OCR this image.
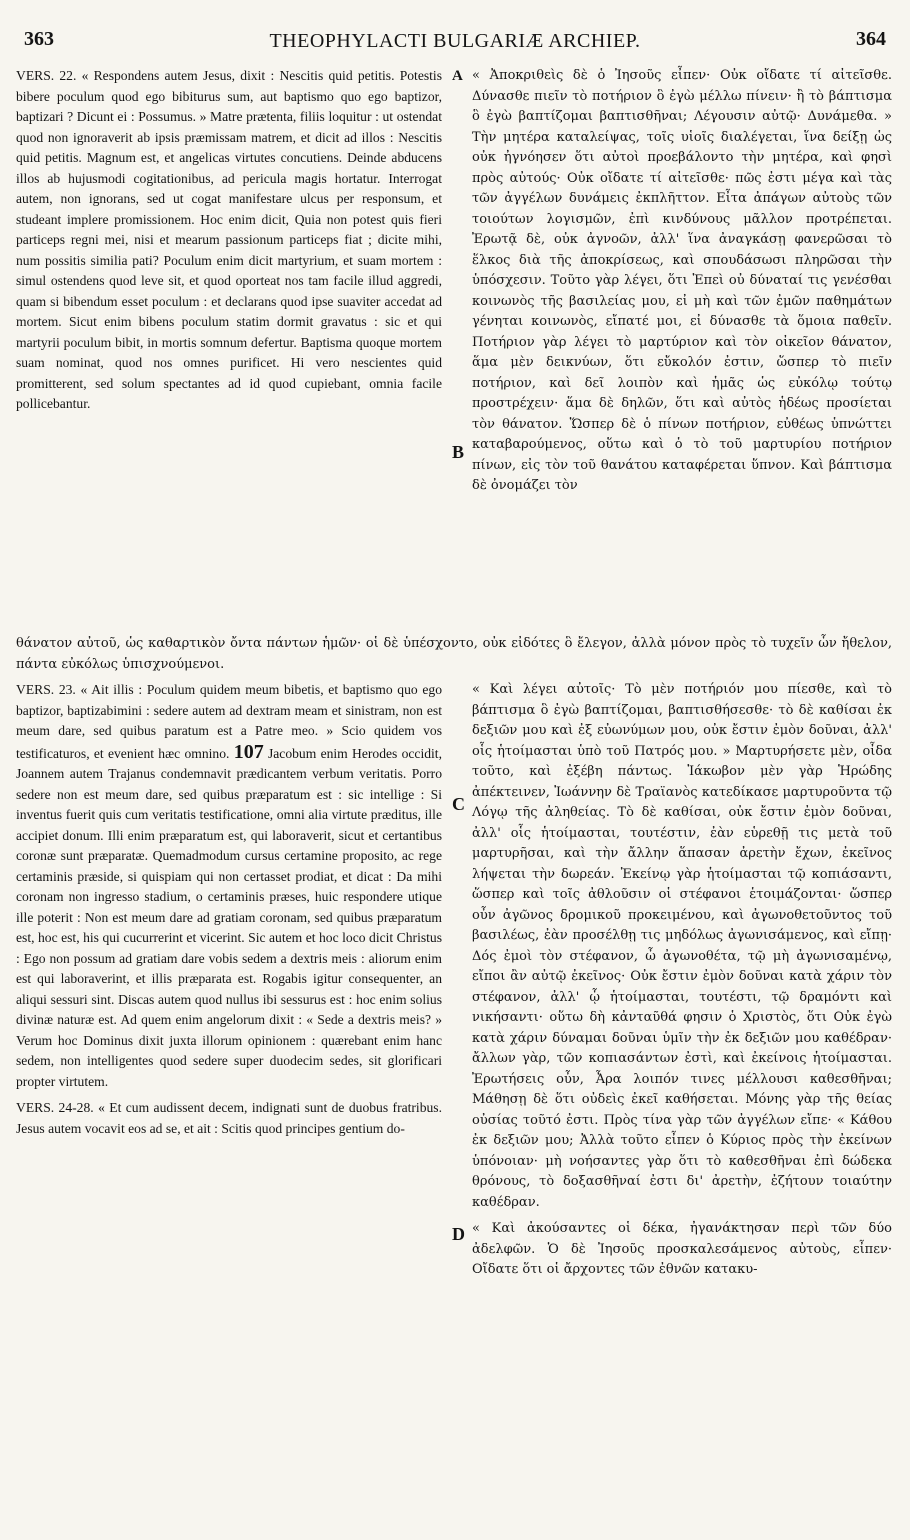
363	THEOPHYLACTI BULGARIÆ ARCHIEP.	364
A
B
C
D

VERS. 22. « Respondens autem Jesus, dixit : Nescitis quid petitis. Potestis bibere poculum quod ego bibiturus sum, aut baptismo quo ego baptizor, baptizari ? Dicunt ei : Possumus. » Matre prætenta, filiis loquitur : ut ostendat quod non ignoraverit ab ipsis præmissam matrem, et dicit ad illos : Nescitis quid petitis. Magnum est, et angelicas virtutes concutiens. Deinde abducens illos ab hujusmodi cogitationibus, ad pericula magis hortatur. Interrogat autem, non ignorans, sed ut cogat manifestare ulcus per responsum, et studeant implere promissionem. Hoc enim dicit, Quia non potest quis fieri particeps regni mei, nisi et mearum passionum particeps fiat ; dicite mihi, num possitis similia pati? Poculum enim dicit martyrium, et suam mortem : simul ostendens quod leve sit, et quod oporteat nos tam facile illud aggredi, quam si bibendum esset poculum : et declarans quod ipse suaviter accedat ad mortem. Sicut enim bibens poculum statim dormit gravatus : sic et qui martyrii poculum bibit, in mortis somnum defertur. Baptisma quoque mortem suam nominat, quod nos omnes purificet. Hi vero nescientes quid promitterent, sed solum spectantes ad id quod cupiebant, omnia facile pollicebantur.

« Ἀποκριθεὶς δὲ ὁ Ἰησοῦς εἶπεν· Οὐκ οἴδατε τί αἰτεῖσθε. Δύνασθε πιεῖν τὸ ποτήριον ὃ ἐγὼ μέλλω πίνειν· ἢ τὸ βάπτισμα ὃ ἐγὼ βαπτίζομαι βαπτισθῆναι; Λέγουσιν αὐτῷ· Δυνάμεθα. » Τὴν μητέρα καταλείψας, τοῖς υἱοῖς διαλέγεται, ἵνα δείξῃ ὡς οὐκ ἠγνόησεν ὅτι αὐτοὶ προεβάλοντο τὴν μητέρα, καὶ φησὶ πρὸς αὐτούς· Οὐκ οἴδατε τί αἰτεῖσθε· πῶς ἐστι μέγα καὶ τὰς τῶν ἀγγέλων δυνάμεις ἐκπλῆττον. Εἶτα ἀπάγων αὐτοὺς τῶν τοιούτων λογισμῶν, ἐπὶ κινδύνους μᾶλλον προτρέπεται. Ἐρωτᾷ δὲ, οὐκ ἀγνοῶν, ἀλλ' ἵνα ἀναγκάσῃ φανερῶσαι τὸ ἕλκος διὰ τῆς ἀποκρίσεως, καὶ σπουδάσωσι πληρῶσαι τὴν ὑπόσχεσιν. Τοῦτο γὰρ λέγει, ὅτι Ἐπεὶ οὐ δύναταί τις γενέσθαι κοινωνὸς τῆς βασιλείας μου, εἰ μὴ καὶ τῶν ἐμῶν παθημάτων γένηται κοινωνὸς, εἴπατέ μοι, εἰ δύνασθε τὰ ὅμοια παθεῖν. Ποτήριον γὰρ λέγει τὸ μαρτύριον καὶ τὸν οἰκεῖον θάνατον, ἅμα μὲν δεικνύων, ὅτι εὔκολόν ἐστιν, ὥσπερ τὸ πιεῖν ποτήριον, καὶ δεῖ λοιπὸν καὶ ἡμᾶς ὡς εὐκόλῳ τούτῳ προστρέχειν· ἅμα δὲ δηλῶν, ὅτι καὶ αὐτὸς ἡδέως προσίεται τὸν θάνατον. Ὥσπερ δὲ ὁ πίνων ποτήριον, εὐθέως ὑπνώττει καταβαρούμενος, οὕτω καὶ ὁ τὸ τοῦ μαρτυρίου ποτήριον πίνων, εἰς τὸν τοῦ θανάτου καταφέρεται ὕπνον. Καὶ βάπτισμα δὲ ὀνομάζει τὸν

θάνατον αὐτοῦ, ὡς καθαρτικὸν ὄντα πάντων ἡμῶν· οἱ δὲ ὑπέσχοντο, οὐκ εἰδότες ὃ ἔλεγον, ἀλλὰ μόνον πρὸς τὸ τυχεῖν ὧν ἤθελον, πάντα εὐκόλως ὑπισχνούμενοι.

VERS. 23. « Ait illis : Poculum quidem meum bibetis, et baptismo quo ego baptizor, baptizabimini : sedere autem ad dextram meam et sinistram, non est meum dare, sed quibus paratum est a Patre meo. » Scio quidem vos testificaturos, et evenient hæc omnino. 107 Jacobum enim Herodes occidit, Joannem autem Trajanus condemnavit prædicantem verbum veritatis. Porro sedere non est meum dare, sed quibus præparatum est : sic intellige : Si inventus fuerit quis cum veritatis testificatione, omni alia virtute præditus, ille accipiet donum. Illi enim præparatum est, qui laboraverit, sicut et certantibus coronæ sunt præparatæ. Quemadmodum cursus certamine proposito, ac rege certaminis præside, si quispiam qui non certasset prodiat, et dicat : Da mihi coronam non ingresso stadium, o certaminis præses, huic respondere utique ille poterit : Non est meum dare ad gratiam coronam, sed quibus præparatum est, hoc est, his qui cucurrerint et vicerint. Sic autem et hoc loco dicit Christus : Ego non possum ad gratiam dare vobis sedem a dextris meis : aliorum enim est qui laboraverint, et illis præparata est. Rogabis igitur consequenter, an aliqui sessuri sint. Discas autem quod nullus ibi sessurus est : hoc enim solius divinæ naturæ est. Ad quem enim angelorum dixit : « Sede a dextris meis? » Verum hoc Dominus dixit juxta illorum opinionem : quærebant enim hanc sedem, non intelligentes quod sedere super duodecim sedes, sit glorificari propter virtutem.

VERS. 24-28. « Et cum audissent decem, indignati sunt de duobus fratribus. Jesus autem vocavit eos ad se, et ait : Scitis quod principes gentium do-

« Καὶ λέγει αὐτοῖς· Τὸ μὲν ποτήριόν μου πίεσθε, καὶ τὸ βάπτισμα ὃ ἐγὼ βαπτίζομαι, βαπτισθήσεσθε· τὸ δὲ καθίσαι ἐκ δεξιῶν μου καὶ ἐξ εὐωνύμων μου, οὐκ ἔστιν ἐμὸν δοῦναι, ἀλλ' οἷς ἡτοίμασται ὑπὸ τοῦ Πατρός μου. » Μαρτυρήσετε μὲν, οἶδα τοῦτο, καὶ ἐξέβη πάντως. Ἰάκωβον μὲν γὰρ Ἡρώδης ἀπέκτεινεν, Ἰωάννην δὲ Τραϊανὸς κατεδίκασε μαρτυροῦντα τῷ Λόγῳ τῆς ἀληθείας. Τὸ δὲ καθίσαι, οὐκ ἔστιν ἐμὸν δοῦναι, ἀλλ' οἷς ἡτοίμασται, τουτέστιν, ἐὰν εὑρεθῇ τις μετὰ τοῦ μαρτυρῆσαι, καὶ τὴν ἄλλην ἅπασαν ἀρετὴν ἔχων, ἐκεῖνος λήψεται τὴν δωρεάν. Ἐκείνῳ γὰρ ἡτοίμασται τῷ κοπιάσαντι, ὥσπερ καὶ τοῖς ἀθλοῦσιν οἱ στέφανοι ἑτοιμάζονται· ὥσπερ οὖν ἀγῶνος δρομικοῦ προκειμένου, καὶ ἀγωνοθετοῦντος τοῦ βασιλέως, ἐὰν προσέλθῃ τις μηδόλως ἀγωνισάμενος, καὶ εἴπῃ· Δός ἐμοὶ τὸν στέφανον, ὦ ἀγωνοθέτα, τῷ μὴ ἀγωνισαμένῳ, εἴποι ἂν αὐτῷ ἐκεῖνος· Οὐκ ἔστιν ἐμὸν δοῦναι κατὰ χάριν τὸν στέφανον, ἀλλ' ᾧ ἡτοίμασται, τουτέστι, τῷ δραμόντι καὶ νικήσαντι· οὕτω δὴ κἀνταῦθά φησιν ὁ Χριστὸς, ὅτι Οὐκ ἐγὼ κατὰ χάριν δύναμαι δοῦναι ὑμῖν τὴν ἐκ δεξιῶν μου καθέδραν· ἄλλων γὰρ, τῶν κοπιασάντων ἐστὶ, καὶ ἐκείνοις ἡτοίμασται. Ἐρωτήσεις οὖν, Ἆρα λοιπόν τινες μέλλουσι καθεσθῆναι; Μάθησῃ δὲ ὅτι οὐδεὶς ἐκεῖ καθήσεται. Μόνης γὰρ τῆς θείας οὐσίας τοῦτό ἐστι. Πρὸς τίνα γὰρ τῶν ἀγγέλων εἴπε· « Κάθου ἐκ δεξιῶν μου; Ἀλλὰ τοῦτο εἶπεν ὁ Κύριος πρὸς τὴν ἐκείνων ὑπόνοιαν· μὴ νοήσαντες γὰρ ὅτι τὸ καθεσθῆναι ἐπὶ δώδεκα θρόνους, τὸ δοξασθῆναί ἐστι δι' ἀρετὴν, ἐζήτουν τοιαύτην καθέδραν.

« Καὶ ἀκούσαντες οἱ δέκα, ἠγανάκτησαν περὶ τῶν δύο ἀδελφῶν. Ὁ δὲ Ἰησοῦς προσκαλεσάμενος αὐτοὺς, εἶπεν· Οἴδατε ὅτι οἱ ἄρχοντες τῶν ἐθνῶν κατακυ-
